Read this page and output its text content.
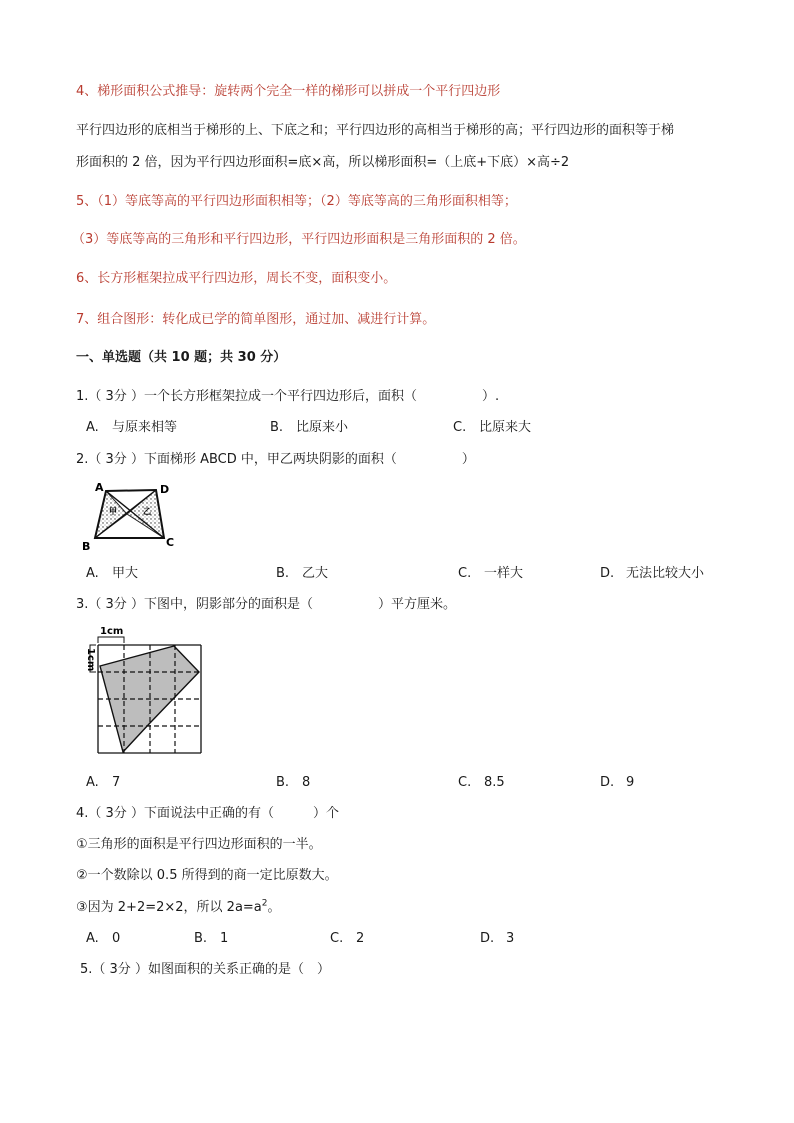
4、梯形面积公式推导：旋转两个完全一样的梯形可以拼成一个平行四边形
平行四边形的底相当于梯形的上、下底之和；平行四边形的高相当于梯形的高；平行四边形的面积等于梯
形面积的 2 倍，因为平行四边形面积=底×高，所以梯形面积=（上底+下底）×高÷2
5、（1）等底等高的平行四边形面积相等；（2）等底等高的三角形面积相等；
（3）等底等高的三角形和平行四边形，平行四边形面积是三角形面积的 2 倍。
6、长方形框架拉成平行四边形，周长不变，面积变小。
7、组合图形：转化成已学的简单图形，通过加、减进行计算。
一、单选题（共 10 题；共 30 分）
1.（ 3分 ）一个长方形框架拉成一个平行四边形后，面积（　　　　　）.
A. 与原来相等	B. 比原来小	C. 比原来大
2.（ 3分 ）下面梯形 ABCD 中，甲乙两块阴影的面积（　　　　　）
A	D
B	C
甲	乙
A. 甲大	B. 乙大	C. 一样大	D. 无法比较大小
3.（ 3分 ）下图中，阴影部分的面积是（　　　　　）平方厘米。
1cm
1cm
A. 7	B. 8	C. 8.5	D. 9
4.（ 3分 ）下面说法中正确的有（　　　）个
①三角形的面积是平行四边形面积的一半。
②一个数除以 0.5 所得到的商一定比原数大。
③因为 2+2=2×2，所以 $2a=a^2$。
A. 0	B. 1	C. 2	D. 3
5.（ 3分 ）如图面积的关系正确的是（　）
